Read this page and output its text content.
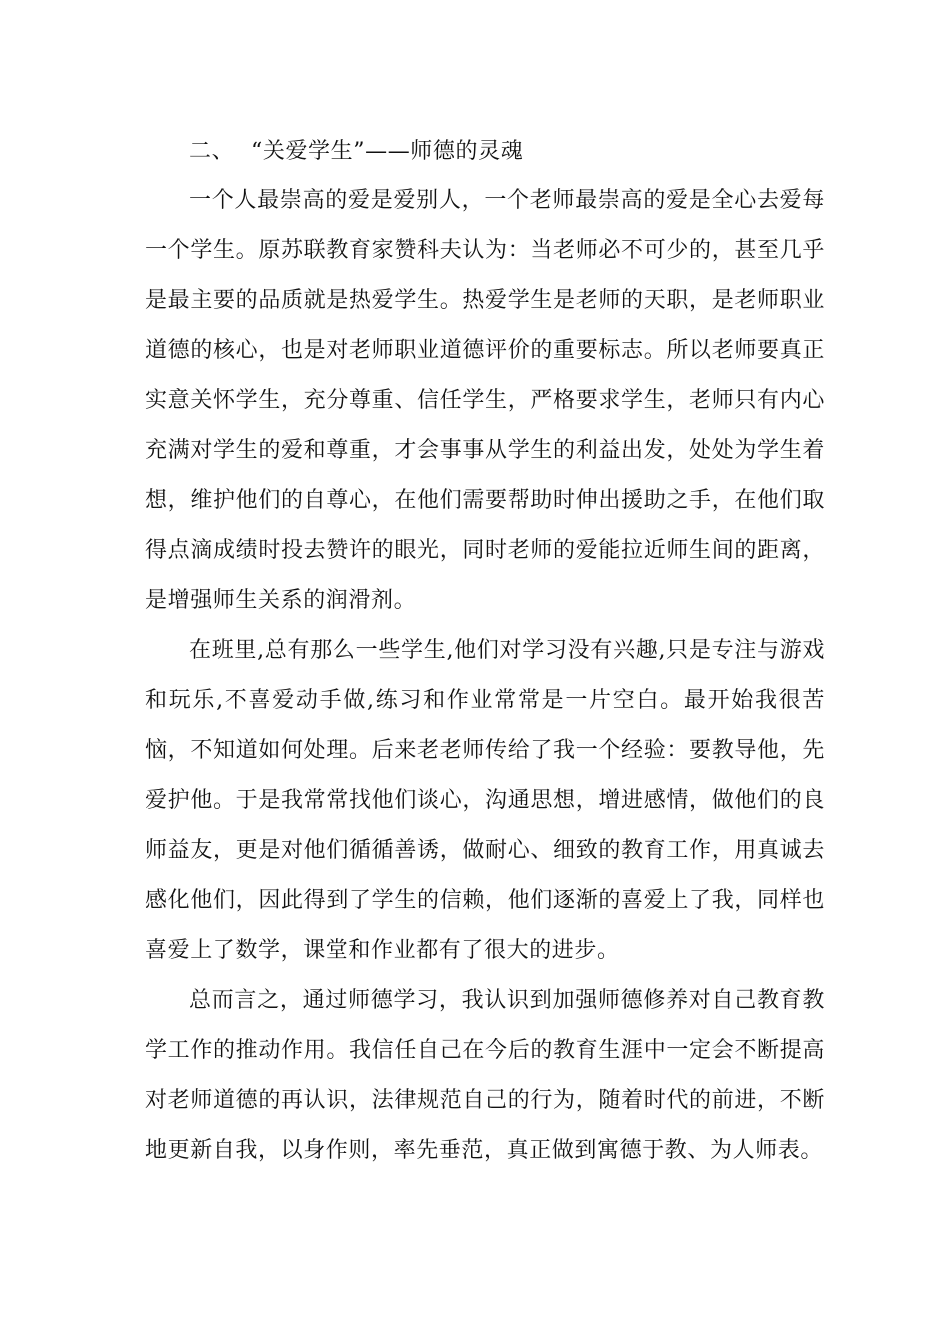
二、 “关爱学生”——师德的灵魂

一个人最崇高的爱是爱别人，一个老师最崇高的爱是全心去爱每一个学生。原苏联教育家赞科夫认为：当老师必不可少的，甚至几乎是最主要的品质就是热爱学生。热爱学生是老师的天职，是老师职业道德的核心，也是对老师职业道德评价的重要标志。所以老师要真正实意关怀学生，充分尊重、信任学生，严格要求学生，老师只有内心充满对学生的爱和尊重，才会事事从学生的利益出发，处处为学生着想，维护他们的自尊心，在他们需要帮助时伸出援助之手，在他们取得点滴成绩时投去赞许的眼光，同时老师的爱能拉近师生间的距离，是增强师生关系的润滑剂。

在班里,总有那么一些学生,他们对学习没有兴趣,只是专注与游戏和玩乐,不喜爱动手做,练习和作业常常是一片空白。最开始我很苦恼，不知道如何处理。后来老老师传给了我一个经验：要教导他，先爱护他。于是我常常找他们谈心，沟通思想，增进感情，做他们的良师益友，更是对他们循循善诱，做耐心、细致的教育工作，用真诚去感化他们，因此得到了学生的信赖，他们逐渐的喜爱上了我，同样也喜爱上了数学，课堂和作业都有了很大的进步。

总而言之，通过师德学习，我认识到加强师德修养对自己教育教学工作的推动作用。我信任自己在今后的教育生涯中一定会不断提高对老师道德的再认识，法律规范自己的行为，随着时代的前进，不断地更新自我，以身作则，率先垂范，真正做到寓德于教、为人师表。
